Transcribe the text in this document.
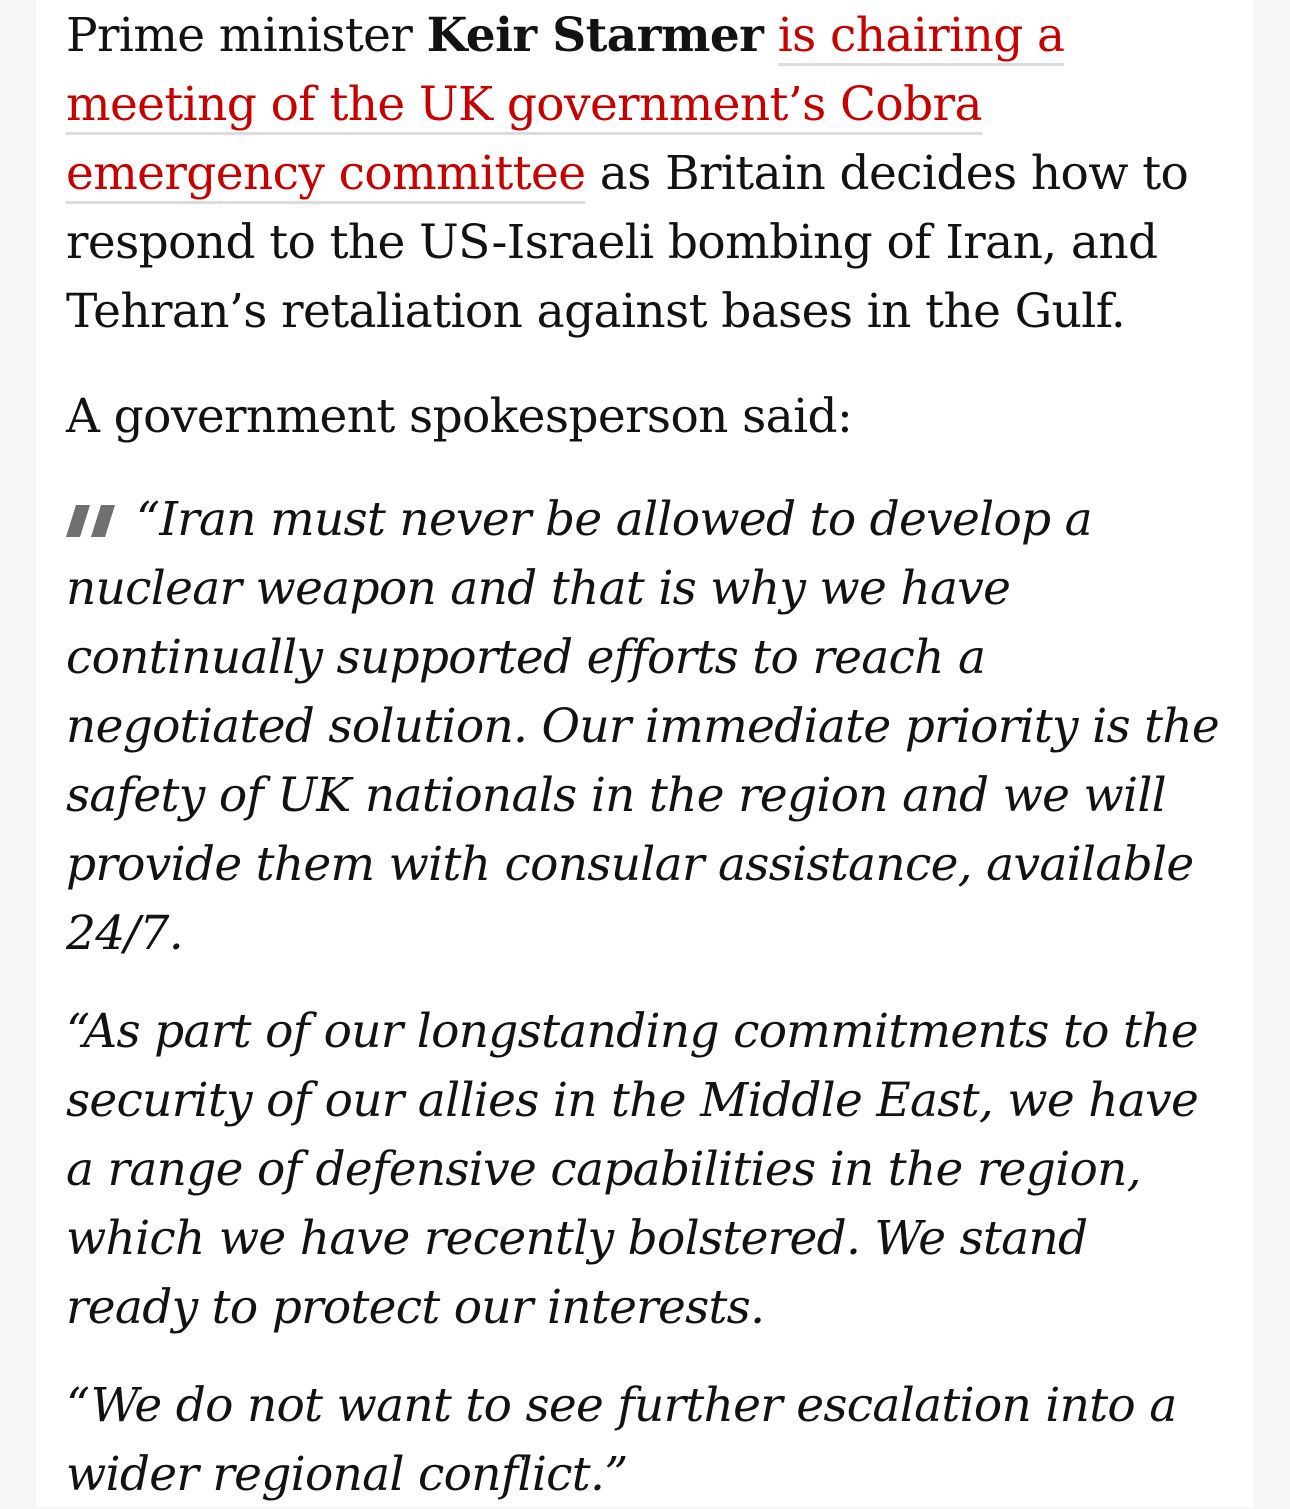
Prime minister Keir Starmer is chairing a meeting of the UK government’s Cobra emergency committee as Britain decides how to respond to the US-Israeli bombing of Iran, and Tehran’s retaliation against bases in the Gulf.

A government spokesperson said:

“Iran must never be allowed to develop a nuclear weapon and that is why we have continually supported efforts to reach a negotiated solution. Our immediate priority is the safety of UK nationals in the region and we will provide them with consular assistance, available 24/7.

“As part of our longstanding commitments to the security of our allies in the Middle East, we have a range of defensive capabilities in the region, which we have recently bolstered. We stand ready to protect our interests.

“We do not want to see further escalation into a wider regional conflict.”
